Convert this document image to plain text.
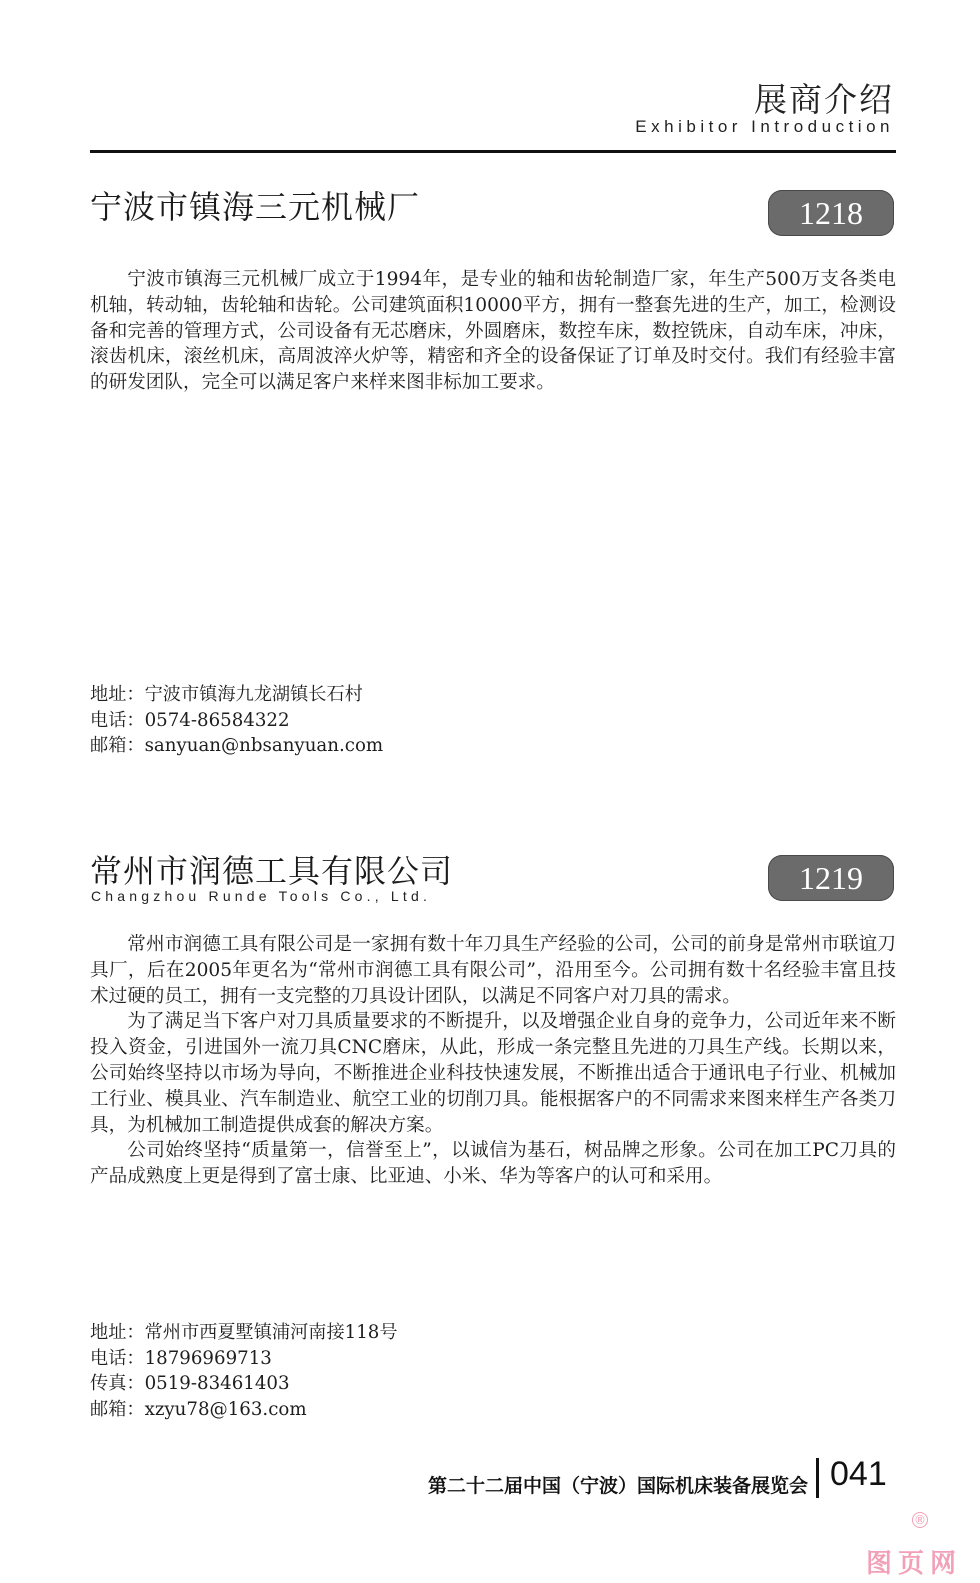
展商介绍
Exhibitor Introduction
宁波市镇海三元机械厂	1218

宁波市镇海三元机械厂成立于1994年，是专业的轴和齿轮制造厂家，年生产500万支各类电机轴，转动轴，齿轮轴和齿轮。公司建筑面积10000平方，拥有一整套先进的生产，加工，检测设备和完善的管理方式，公司设备有无芯磨床，外圆磨床，数控车床，数控铣床，自动车床，冲床，滚齿机床，滚丝机床，高周波淬火炉等，精密和齐全的设备保证了订单及时交付。我们有经验丰富的研发团队，完全可以满足客户来样来图非标加工要求。

地址：宁波市镇海九龙湖镇长石村
电话：0574-86584322
邮箱：sanyuan@nbsanyuan.com
常州市润德工具有限公司
Changzhou Runde Tools Co., Ltd.	1219

常州市润德工具有限公司是一家拥有数十年刀具生产经验的公司，公司的前身是常州市联谊刀具厂，后在2005年更名为“常州市润德工具有限公司”，沿用至今。公司拥有数十名经验丰富且技术过硬的员工，拥有一支完整的刀具设计团队，以满足不同客户对刀具的需求。

为了满足当下客户对刀具质量要求的不断提升，以及增强企业自身的竞争力，公司近年来不断投入资金，引进国外一流刀具CNC磨床，从此，形成一条完整且先进的刀具生产线。长期以来，公司始终坚持以市场为导向，不断推进企业科技快速发展，不断推出适合于通讯电子行业、机械加工行业、模具业、汽车制造业、航空工业的切削刀具。能根据客户的不同需求来图来样生产各类刀具，为机械加工制造提供成套的解决方案。

公司始终坚持“质量第一，信誉至上”，以诚信为基石，树品牌之形象。公司在加工PC刀具的产品成熟度上更是得到了富士康、比亚迪、小米、华为等客户的认可和采用。

地址：常州市西夏墅镇浦河南接118号
电话：18796969713
传真：0519-83461403
邮箱：xzyu78@163.com
第二十二届中国（宁波）国际机床装备展览会 041
®
图页网
